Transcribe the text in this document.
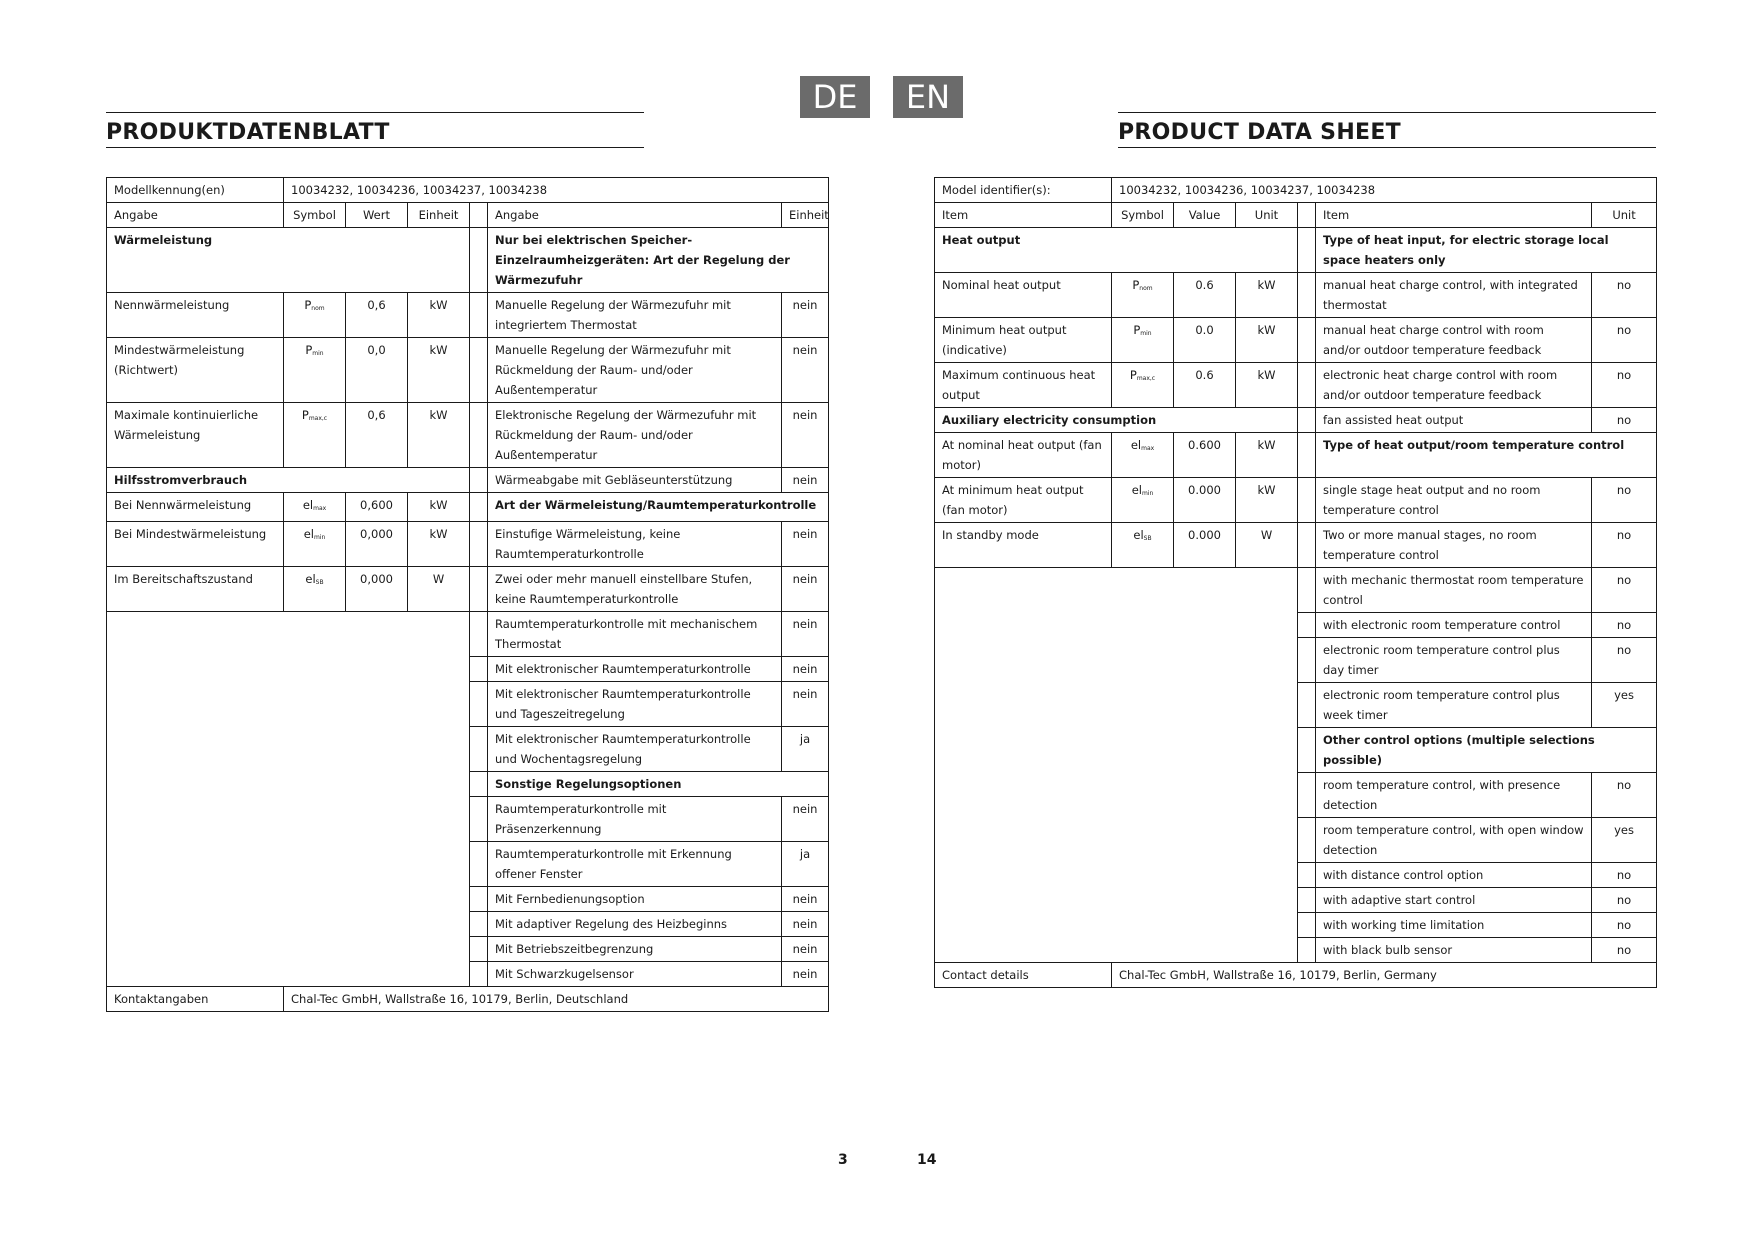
DE	EN
PRODUKTDATENBLATT	PRODUCT DATA SHEET
Modellkennung(en)	10034232, 10034236, 10034237, 10034238					
Angabe	Symbol	Wert	Einheit		Angabe	Einheit
Wärmeleistung					Nur bei elektrischen Speicher-Einzelraumheizgeräten: Art der Regelung der Wärmezufuhr	
Nennwärmeleistung	$P_{nom}$	0,6	kW		Manuelle Regelung der Wärmezufuhr mit integriertem Thermostat	nein
Mindestwärmeleistung (Richtwert)	$P_{min}$	0,0	kW		Manuelle Regelung der Wärmezufuhr mit Rückmeldung der Raum- und/oder Außentemperatur	nein
Maximale kontinuierliche Wärmeleistung	$P_{max,c}$	0,6	kW		Elektronische Regelung der Wärmezufuhr mit Rückmeldung der Raum- und/oder Außentemperatur	nein
Hilfsstromverbrauch					Wärmeabgabe mit Gebläseunterstützung	nein
Bei Nennwärmeleistung	$el_{max}$	0,600	kW		Art der Wärmeleistung/Raumtemperaturkontrolle	
Bei Mindestwärmeleistung	$el_{min}$	0,000	kW		Einstufige Wärmeleistung, keine Raumtemperaturkontrolle	nein
Im Bereitschaftszustand	$el_{SB}$	0,000	W		Zwei oder mehr manuell einstellbare Stufen, keine Raumtemperaturkontrolle	nein
					Raumtemperaturkontrolle mit mechanischem Thermostat	nein
					Mit elektronischer Raumtemperaturkontrolle	nein
					Mit elektronischer Raumtemperaturkontrolle und Tageszeitregelung	nein
					Mit elektronischer Raumtemperaturkontrolle und Wochentagsregelung	ja
					Sonstige Regelungsoptionen	
					Raumtemperaturkontrolle mit Präsenzerkennung	nein
					Raumtemperaturkontrolle mit Erkennung offener Fenster	ja
					Mit Fernbedienungsoption	nein
					Mit adaptiver Regelung des Heizbeginns	nein
					Mit Betriebszeitbegrenzung	nein
					Mit Schwarzkugelsensor	nein
Kontaktangaben	Chal-Tec GmbH, Wallstraße 16, 10179, Berlin, Deutschland					
Model identifier(s):	10034232, 10034236, 10034237, 10034238					
Item	Symbol	Value	Unit		Item	Unit
Heat output					Type of heat input, for electric storage local space heaters only	
Nominal heat output	$P_{nom}$	0.6	kW		manual heat charge control, with integrated thermostat	no
Minimum heat output (indicative)	$P_{min}$	0.0	kW		manual heat charge control with room and/or outdoor temperature feedback	no
Maximum continuous heat output	$P_{max,c}$	0.6	kW		electronic heat charge control with room and/or outdoor temperature feedback	no
Auxiliary electricity consumption					fan assisted heat output	no
At nominal heat output (fan motor)	$el_{max}$	0.600	kW		Type of heat output/room temperature control	
At minimum heat output (fan motor)	$el_{min}$	0.000	kW		single stage heat output and no room temperature control	no
In standby mode	$el_{SB}$	0.000	W		Two or more manual stages, no room temperature control	no
					with mechanic thermostat room temperature control	no
					with electronic room temperature control	no
					electronic room temperature control plus day timer	no
					electronic room temperature control plus week timer	yes
					Other control options (multiple selections possible)	
					room temperature control, with presence detection	no
					room temperature control, with open window detection	yes
					with distance control option	no
					with adaptive start control	no
					with working time limitation	no
					with black bulb sensor	no
Contact details	Chal-Tec GmbH, Wallstraße 16, 10179, Berlin, Germany					
3	14
